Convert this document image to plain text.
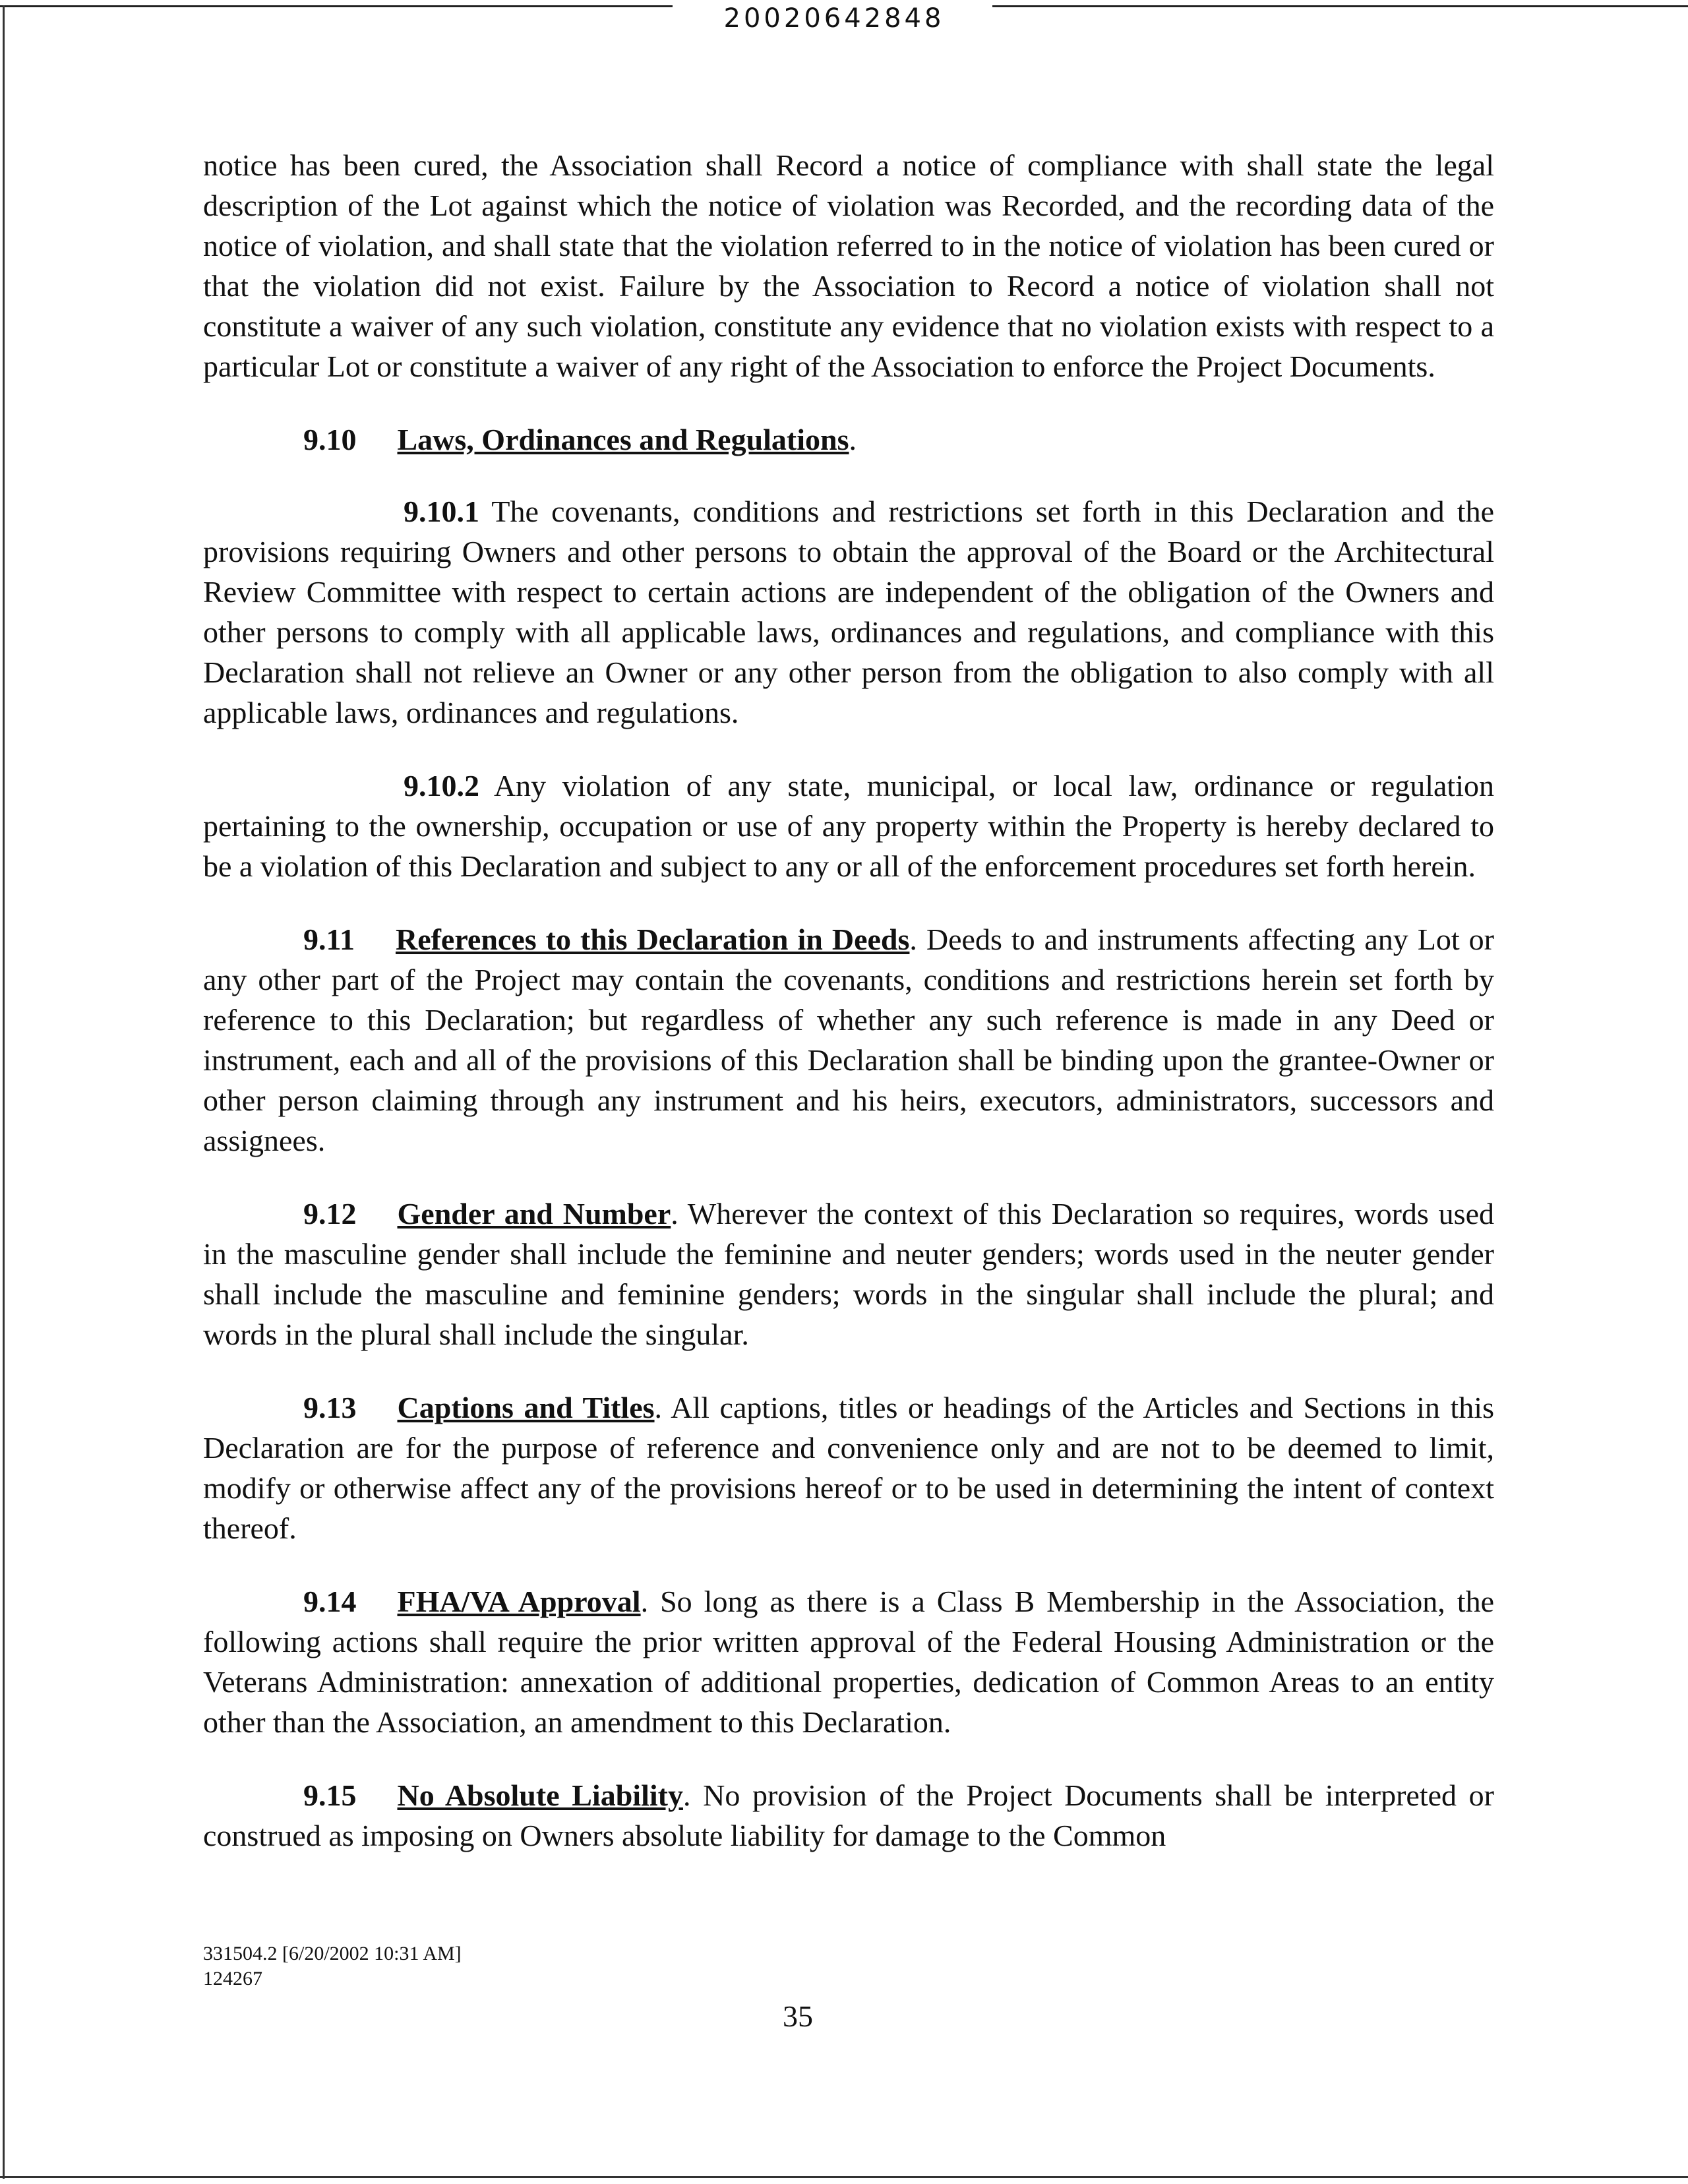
20020642848

notice has been cured, the Association shall Record a notice of compliance with shall state the legal description of the Lot against which the notice of violation was Recorded, and the recording data of the notice of violation, and shall state that the violation referred to in the notice of violation has been cured or that the violation did not exist. Failure by the Association to Record a notice of violation shall not constitute a waiver of any such violation, constitute any evidence that no violation exists with respect to a particular Lot or constitute a waiver of any right of the Association to enforce the Project Documents.

9.10 Laws, Ordinances and Regulations.

9.10.1 The covenants, conditions and restrictions set forth in this Declaration and the provisions requiring Owners and other persons to obtain the approval of the Board or the Architectural Review Committee with respect to certain actions are independent of the obligation of the Owners and other persons to comply with all applicable laws, ordinances and regulations, and compliance with this Declaration shall not relieve an Owner or any other person from the obligation to also comply with all applicable laws, ordinances and regulations.

9.10.2 Any violation of any state, municipal, or local law, ordinance or regulation pertaining to the ownership, occupation or use of any property within the Property is hereby declared to be a violation of this Declaration and subject to any or all of the enforcement procedures set forth herein.

9.11 References to this Declaration in Deeds. Deeds to and instruments affecting any Lot or any other part of the Project may contain the covenants, conditions and restrictions herein set forth by reference to this Declaration; but regardless of whether any such reference is made in any Deed or instrument, each and all of the provisions of this Declaration shall be binding upon the grantee-Owner or other person claiming through any instrument and his heirs, executors, administrators, successors and assignees.

9.12 Gender and Number. Wherever the context of this Declaration so requires, words used in the masculine gender shall include the feminine and neuter genders; words used in the neuter gender shall include the masculine and feminine genders; words in the singular shall include the plural; and words in the plural shall include the singular.

9.13 Captions and Titles. All captions, titles or headings of the Articles and Sections in this Declaration are for the purpose of reference and convenience only and are not to be deemed to limit, modify or otherwise affect any of the provisions hereof or to be used in determining the intent of context thereof.

9.14 FHA/VA Approval. So long as there is a Class B Membership in the Association, the following actions shall require the prior written approval of the Federal Housing Administration or the Veterans Administration: annexation of additional properties, dedication of Common Areas to an entity other than the Association, an amendment to this Declaration.

9.15 No Absolute Liability. No provision of the Project Documents shall be interpreted or construed as imposing on Owners absolute liability for damage to the Common

331504.2 [6/20/2002 10:31 AM]
124267
35
